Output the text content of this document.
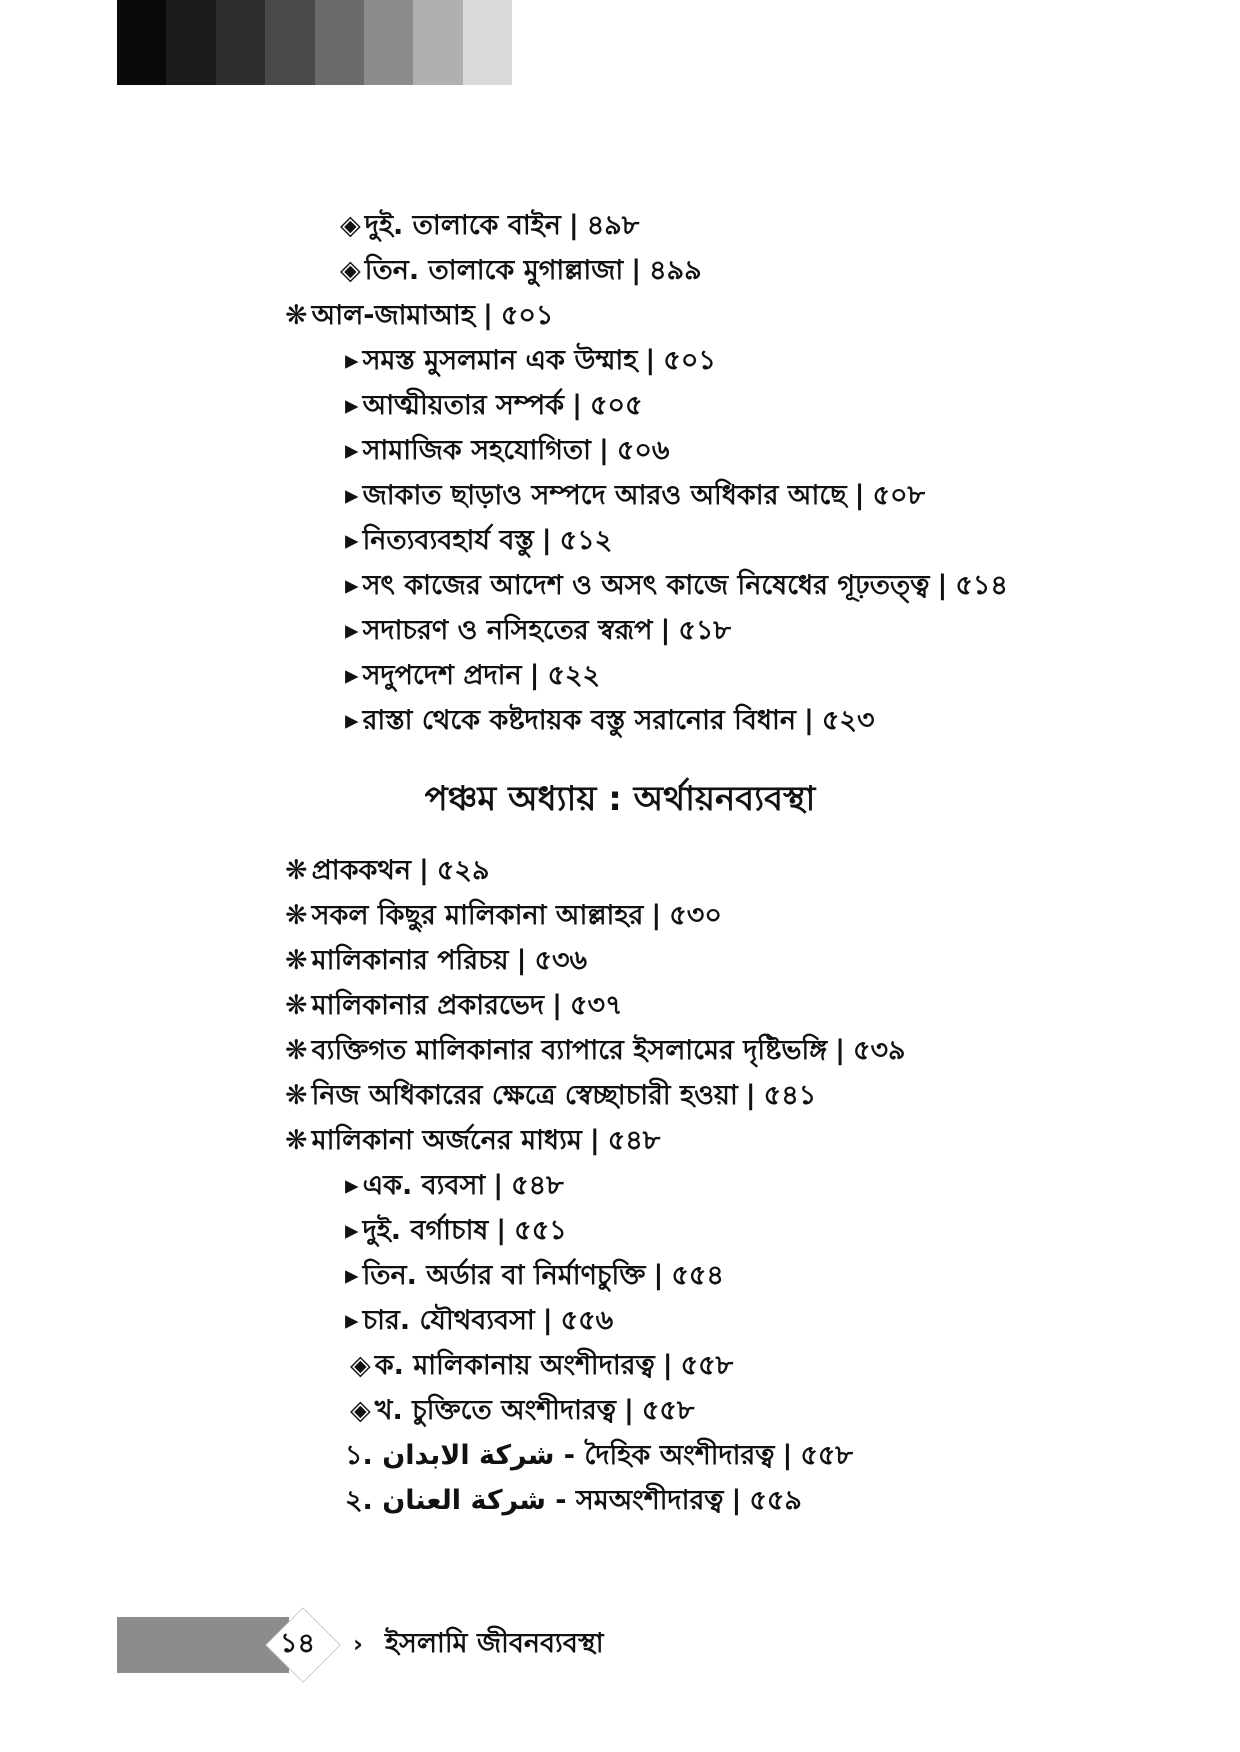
◈ দুই. তালাকে বাইন | ৪৯৮
◈ তিন. তালাকে মুগাল্লাজা | ৪৯৯
❋ আল-জামাআহ | ৫০১
▸ সমস্ত মুসলমান এক উম্মাহ | ৫০১
▸ আত্মীয়তার সম্পর্ক | ৫০৫
▸ সামাজিক সহযোগিতা | ৫০৬
▸ জাকাত ছাড়াও সম্পদে আরও অধিকার আছে | ৫০৮
▸ নিত্যব্যবহার্য বস্তু | ৫১২
▸ সৎ কাজের আদেশ ও অসৎ কাজে নিষেধের গূঢ়তত্ত্ব | ৫১৪
▸ সদাচরণ ও নসিহতের স্বরূপ | ৫১৮
▸ সদুপদেশ প্রদান | ৫২২
▸ রাস্তা থেকে কষ্টদায়ক বস্তু সরানোর বিধান | ৫২৩
পঞ্চম অধ্যায় : অর্থায়নব্যবস্থা
❋ প্রাককথন | ৫২৯
❋ সকল কিছুর মালিকানা আল্লাহর | ৫৩০
❋ মালিকানার পরিচয় | ৫৩৬
❋ মালিকানার প্রকারভেদ | ৫৩৭
❋ ব্যক্তিগত মালিকানার ব্যাপারে ইসলামের দৃষ্টিভঙ্গি | ৫৩৯
❋ নিজ অধিকারের ক্ষেত্রে স্বেচ্ছাচারী হওয়া | ৫৪১
❋ মালিকানা অর্জনের মাধ্যম | ৫৪৮
▸ এক. ব্যবসা | ৫৪৮
▸ দুই. বর্গাচাষ | ৫৫১
▸ তিন. অর্ডার বা নির্মাণচুক্তি | ৫৫৪
▸ চার. যৌথব্যবসা | ৫৫৬
◈ ক. মালিকানায় অংশীদারত্ব | ৫৫৮
◈ খ. চুক্তিতে অংশীদারত্ব | ৫৫৮
১. شركة الابدان - দৈহিক অংশীদারত্ব | ৫৫৮
২. شركة العنان - সমঅংশীদারত্ব | ৫৫৯
১৪ › ইসলামি জীবনব্যবস্থা
